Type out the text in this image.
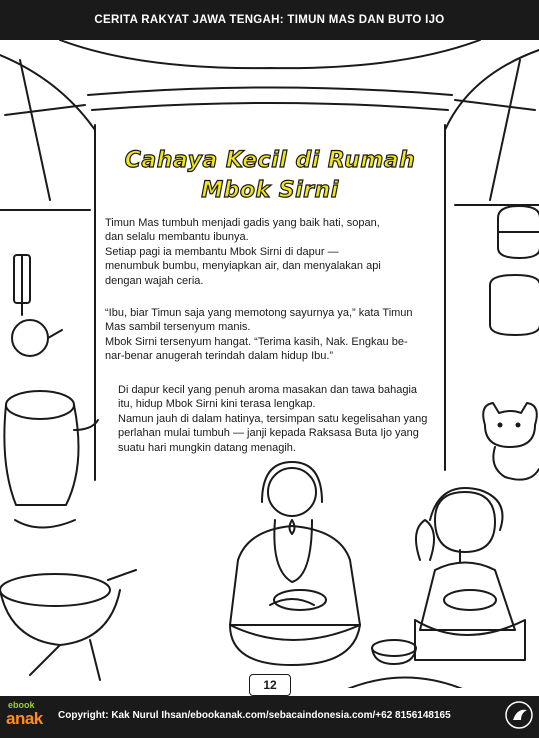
CERITA RAKYAT JAWA TENGAH: TIMUN MAS DAN BUTO IJO
Cahaya Kecil di Rumah
Mbok Sirni
Timun Mas tumbuh menjadi gadis yang baik hati, sopan,
dan selalu membantu ibunya.
Setiap pagi ia membantu Mbok Sirni di dapur —
menumbuk bumbu, menyiapkan air, dan menyalakan api
dengan wajah ceria.
“Ibu, biar Timun saja yang memotong sayurnya ya,” kata Timun
Mas sambil tersenyum manis.
Mbok Sirni tersenyum hangat. “Terima kasih, Nak. Engkau be-
nar-benar anugerah terindah dalam hidup Ibu.”
Di dapur kecil yang penuh aroma masakan dan tawa bahagia
itu, hidup Mbok Sirni kini terasa lengkap.
Namun jauh di dalam hatinya, tersimpan satu kegelisahan yang
perlahan mulai tumbuh — janji kepada Raksasa Buta Ijo yang
suatu hari mungkin datang menagih.
12
ebook
anak Copyright: Kak Nurul Ihsan/ebookanak.com/sebacaindonesia.com/+62 8156148165
